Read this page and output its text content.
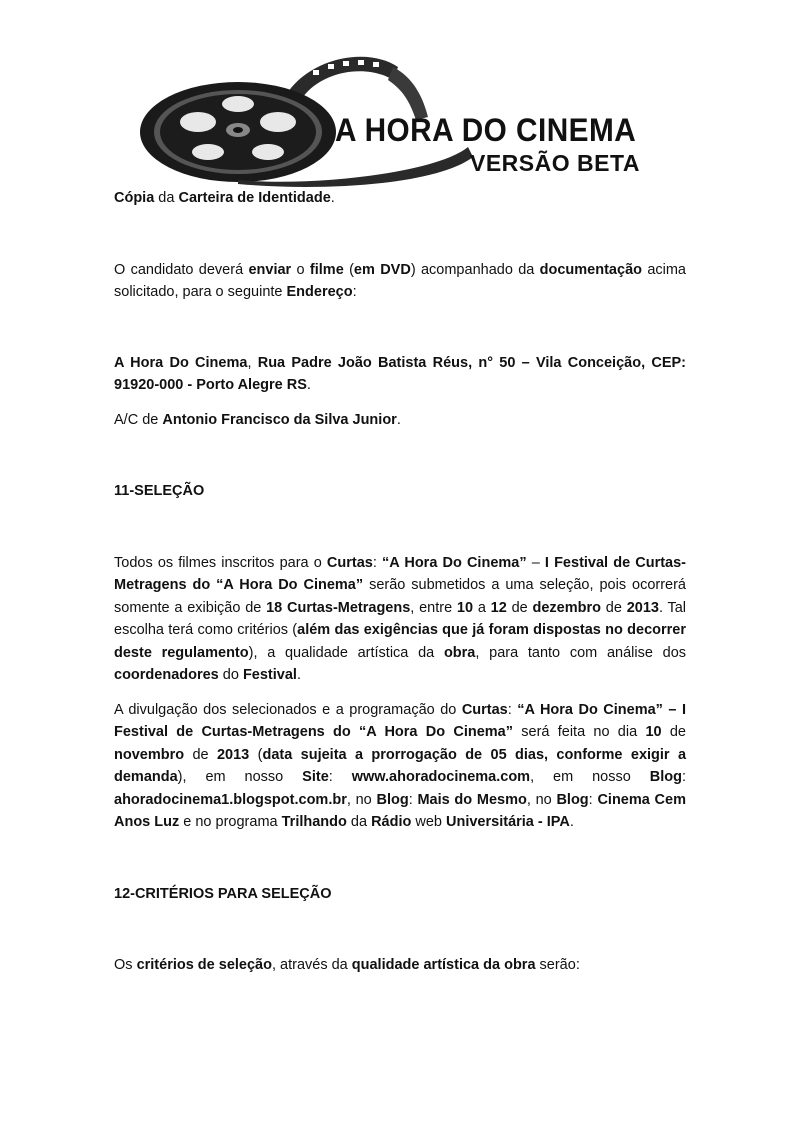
A HORA DO CINEMA
VERSÃO BETA

Cópia da Carteira de Identidade.

O candidato deverá enviar o filme (em DVD) acompanhado da documentação acima solicitado, para o seguinte Endereço:

A Hora Do Cinema, Rua Padre João Batista Réus, n° 50 – Vila Conceição, CEP: 91920-000 - Porto Alegre RS.

A/C de Antonio Francisco da Silva Junior.

11-SELEÇÃO

Todos os filmes inscritos para o Curtas: “A Hora Do Cinema” – I Festival de Curtas-Metragens do “A Hora Do Cinema” serão submetidos a uma seleção, pois ocorrerá somente a exibição de 18 Curtas-Metragens, entre 10 a 12 de dezembro de 2013. Tal escolha terá como critérios (além das exigências que já foram dispostas no decorrer deste regulamento), a qualidade artística da obra, para tanto com análise dos coordenadores do Festival.

A divulgação dos selecionados e a programação do Curtas: “A Hora Do Cinema” – I Festival de Curtas-Metragens do “A Hora Do Cinema” será feita no dia 10 de novembro de 2013 (data sujeita a prorrogação de 05 dias, conforme exigir a demanda), em nosso Site: www.ahoradocinema.com, em nosso Blog: ahoradocinema1.blogspot.com.br, no Blog: Mais do Mesmo, no Blog: Cinema Cem Anos Luz e no programa Trilhando da Rádio web Universitária - IPA.

12-CRITÉRIOS PARA SELEÇÃO

Os critérios de seleção, através da qualidade artística da obra serão:
